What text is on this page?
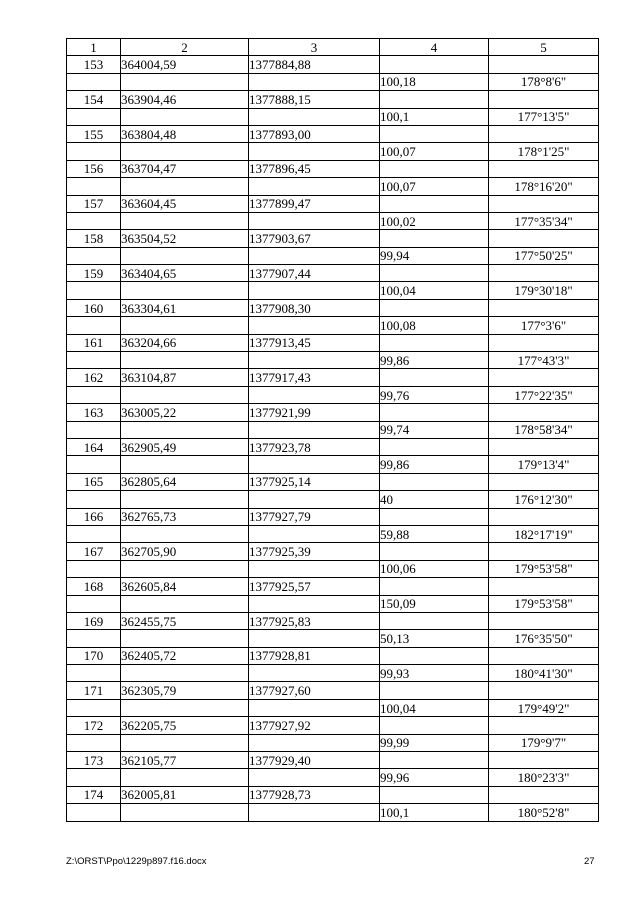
1	2	3	4	5
153	364004,59	1377884,88		
			100,18	178°8'6"
154	363904,46	1377888,15		
			100,1	177°13'5"
155	363804,48	1377893,00		
			100,07	178°1'25"
156	363704,47	1377896,45		
			100,07	178°16'20"
157	363604,45	1377899,47		
			100,02	177°35'34"
158	363504,52	1377903,67		
			99,94	177°50'25"
159	363404,65	1377907,44		
			100,04	179°30'18"
160	363304,61	1377908,30		
			100,08	177°3'6"
161	363204,66	1377913,45		
			99,86	177°43'3"
162	363104,87	1377917,43		
			99,76	177°22'35"
163	363005,22	1377921,99		
			99,74	178°58'34"
164	362905,49	1377923,78		
			99,86	179°13'4"
165	362805,64	1377925,14		
			40	176°12'30"
166	362765,73	1377927,79		
			59,88	182°17'19"
167	362705,90	1377925,39		
			100,06	179°53'58"
168	362605,84	1377925,57		
			150,09	179°53'58"
169	362455,75	1377925,83		
			50,13	176°35'50"
170	362405,72	1377928,81		
			99,93	180°41'30"
171	362305,79	1377927,60		
			100,04	179°49'2"
172	362205,75	1377927,92		
			99,99	179°9'7"
173	362105,77	1377929,40		
			99,96	180°23'3"
174	362005,81	1377928,73		
			100,1	180°52'8"
Z:\ORST\Ppo\1229p897.f16.docx	27
